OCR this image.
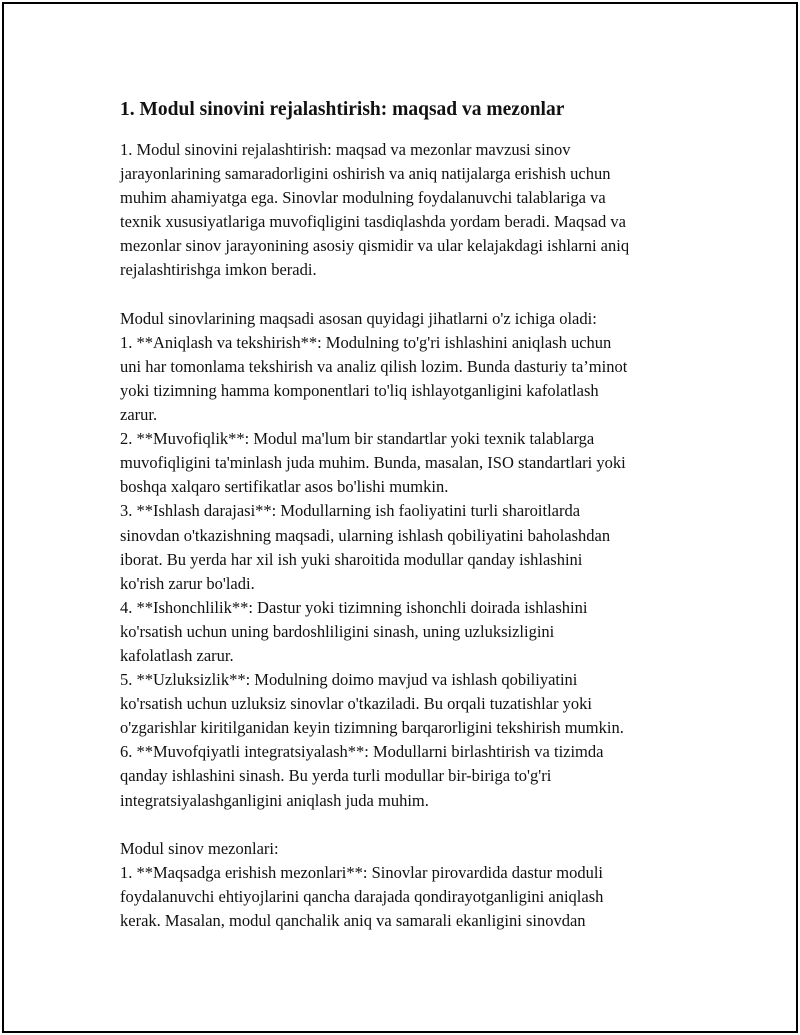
1. Modul sinovini rejalashtirish: maqsad va mezonlar
1. Modul sinovini rejalashtirish: maqsad va mezonlar mavzusi sinov
jarayonlarining samaradorligini oshirish va aniq natijalarga erishish uchun
muhim ahamiyatga ega. Sinovlar modulning foydalanuvchi talablariga va
texnik xususiyatlariga muvofiqligini tasdiqlashda yordam beradi. Maqsad va
mezonlar sinov jarayonining asosiy qismidir va ular kelajakdagi ishlarni aniq
rejalashtirishga imkon beradi.
Modul sinovlarining maqsadi asosan quyidagi jihatlarni o'z ichiga oladi:
1. **Aniqlash va tekshirish**: Modulning to'g'ri ishlashini aniqlash uchun
uni har tomonlama tekshirish va analiz qilish lozim. Bunda dasturiy ta’minot
yoki tizimning hamma komponentlari to'liq ishlayotganligini kafolatlash
zarur.
2. **Muvofiqlik**: Modul ma'lum bir standartlar yoki texnik talablarga
muvofiqligini ta'minlash juda muhim. Bunda, masalan, ISO standartlari yoki
boshqa xalqaro sertifikatlar asos bo'lishi mumkin.
3. **Ishlash darajasi**: Modullarning ish faoliyatini turli sharoitlarda
sinovdan o'tkazishning maqsadi, ularning ishlash qobiliyatini baholashdan
iborat. Bu yerda har xil ish yuki sharoitida modullar qanday ishlashini
ko'rish zarur bo'ladi.
4. **Ishonchlilik**: Dastur yoki tizimning ishonchli doirada ishlashini
ko'rsatish uchun uning bardoshliligini sinash, uning uzluksizligini
kafolatlash zarur.
5. **Uzluksizlik**: Modulning doimo mavjud va ishlash qobiliyatini
ko'rsatish uchun uzluksiz sinovlar o'tkaziladi. Bu orqali tuzatishlar yoki
o'zgarishlar kiritilganidan keyin tizimning barqarorligini tekshirish mumkin.
6. **Muvofqiyatli integratsiyalash**: Modullarni birlashtirish va tizimda
qanday ishlashini sinash. Bu yerda turli modullar bir-biriga to'g'ri
integratsiyalashganligini aniqlash juda muhim.
Modul sinov mezonlari:
1. **Maqsadga erishish mezonlari**: Sinovlar pirovardida dastur moduli
foydalanuvchi ehtiyojlarini qancha darajada qondirayotganligini aniqlash
kerak. Masalan, modul qanchalik aniq va samarali ekanligini sinovdan
